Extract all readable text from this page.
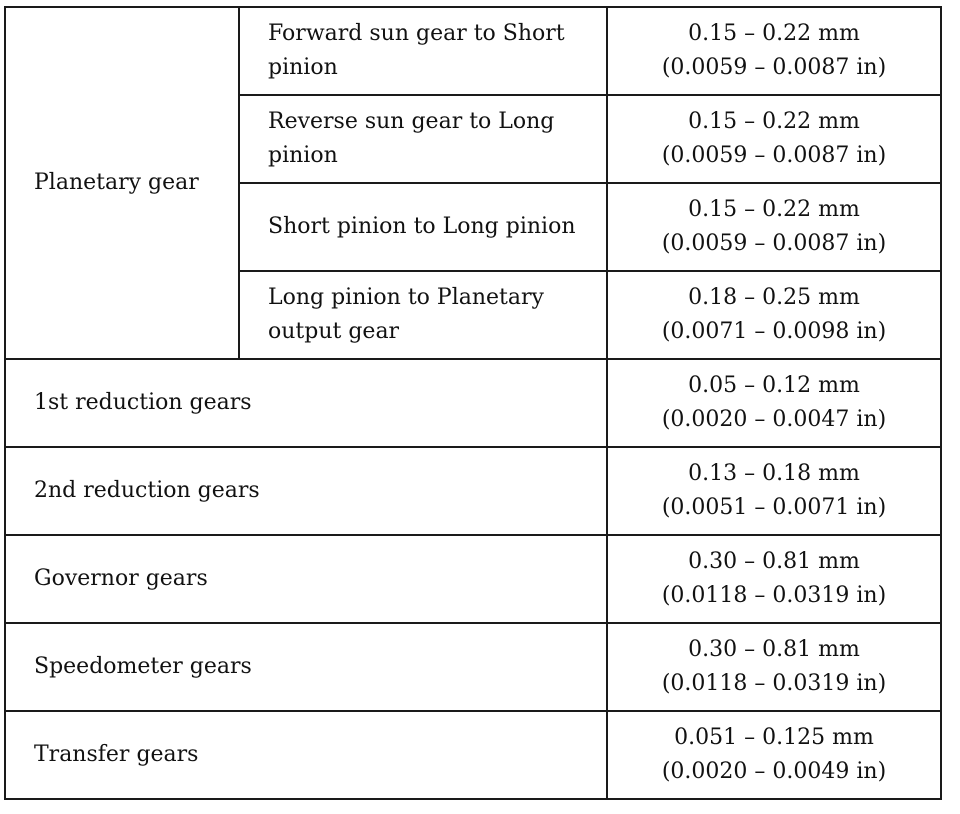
Planetary gear	Forward sun gear to Short pinion	0.15 – 0.22 mm
(0.0059 – 0.0087 in)

	Reverse sun gear to Long pinion	0.15 – 0.22 mm
(0.0059 – 0.0087 in)

	Short pinion to Long pinion	0.15 – 0.22 mm
(0.0059 – 0.0087 in)

	Long pinion to Planetary output gear	0.18 – 0.25 mm
(0.0071 – 0.0098 in)

1st reduction gears		0.05 – 0.12 mm
(0.0020 – 0.0047 in)

2nd reduction gears		0.13 – 0.18 mm
(0.0051 – 0.0071 in)

Governor gears		0.30 – 0.81 mm
(0.0118 – 0.0319 in)

Speedometer gears		0.30 – 0.81 mm
(0.0118 – 0.0319 in)

Transfer gears		0.051 – 0.125 mm
(0.0020 – 0.0049 in)
